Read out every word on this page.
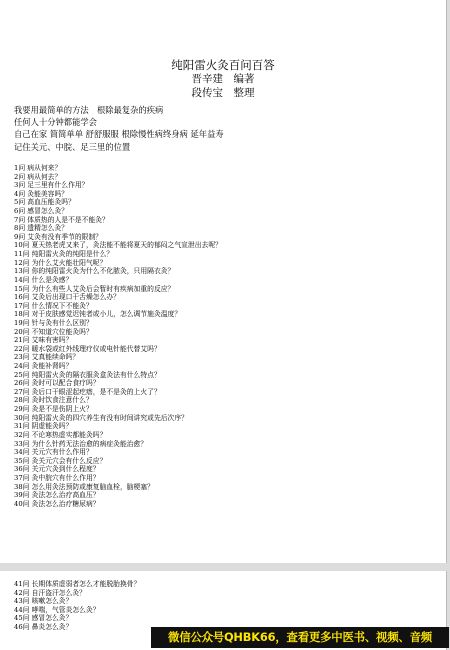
纯阳雷火灸百问百答
晋辛建　编著
段传宝　整理
我要用最简单的方法　根除最复杂的疾病
任何人十分钟都能学会
自己在家 简简单单 舒舒服服 根除慢性病终身病 延年益寿
记住关元、中脘、足三里的位置
1问 病从何来？
2问 病从何去？
3问 足三里有什么作用？
4问 灸能美容吗？
5问 高血压能灸吗？
6问 感冒怎么灸？
7问 体质热的人是不是不能灸？
8问 遗精怎么灸？
9问 艾灸有没有季节的限制？
10问 夏天热老虎又来了，灸法能不能将夏天的郁闷之气宣泄出去呢？
11问 纯阳雷火灸的纯阳是什么？
12问 为什么艾火能壮阳气呢？
13问 你的纯阳雷火灸为什么不化脓灸，只用隔衣灸？
14问 什么是灸感？
15问 为什么有些人艾灸后会暂时有疾病加重的反应？
16问 艾灸后出现口干舌燥怎么办？
17问 什么情况下不能灸？
18问 对于皮肤感觉迟钝者或小儿，怎么调节施灸温度？
19问 针与灸有什么区别？
20问 不知道穴位能灸吗？
21问 艾味有害吗？
22问 暖水袋或红外线理疗仪或电针能代替艾吗？
23问 艾真能续命吗？
24问 灸能补肾吗？
25问 纯阳雷火灸的隔衣服灸盒灸法有什么特点？
26问 灸时可以配合食疗吗？
27问 灸后口干眼涩起疙瘩，是不是灸的上火了？
28问 灸时饮食注意什么？
29问 灸是不是伤阴上火？
30问 纯阳雷火灸的四穴养生有没有时间讲究或先后次序？
31问 阴虚能灸吗？
32问 不论寒热虚实都能灸吗？
33问 为什么针药无法治愈的病症灸能治愈？
34问 关元穴有什么作用？
35问 灸关元穴会有什么反应？
36问 关元穴灸到什么程度？
37问 灸中脘穴有什么作用？
38问 怎么用灸法预防或康复脑血栓，脑梗塞？
39问 灸法怎么治疗高血压？
40问 灸法怎么治疗糖尿病？
41问 长期体质虚弱者怎么才能脱胎换骨？
42问 自汗盗汗怎么灸？
43问 咳嗽怎么灸？
44问 哮喘，气管炎怎么灸？
45问 感冒怎么灸？
46问 鼻炎怎么灸？
微信公众号QHBK66，查看更多中医书、视频、音频
